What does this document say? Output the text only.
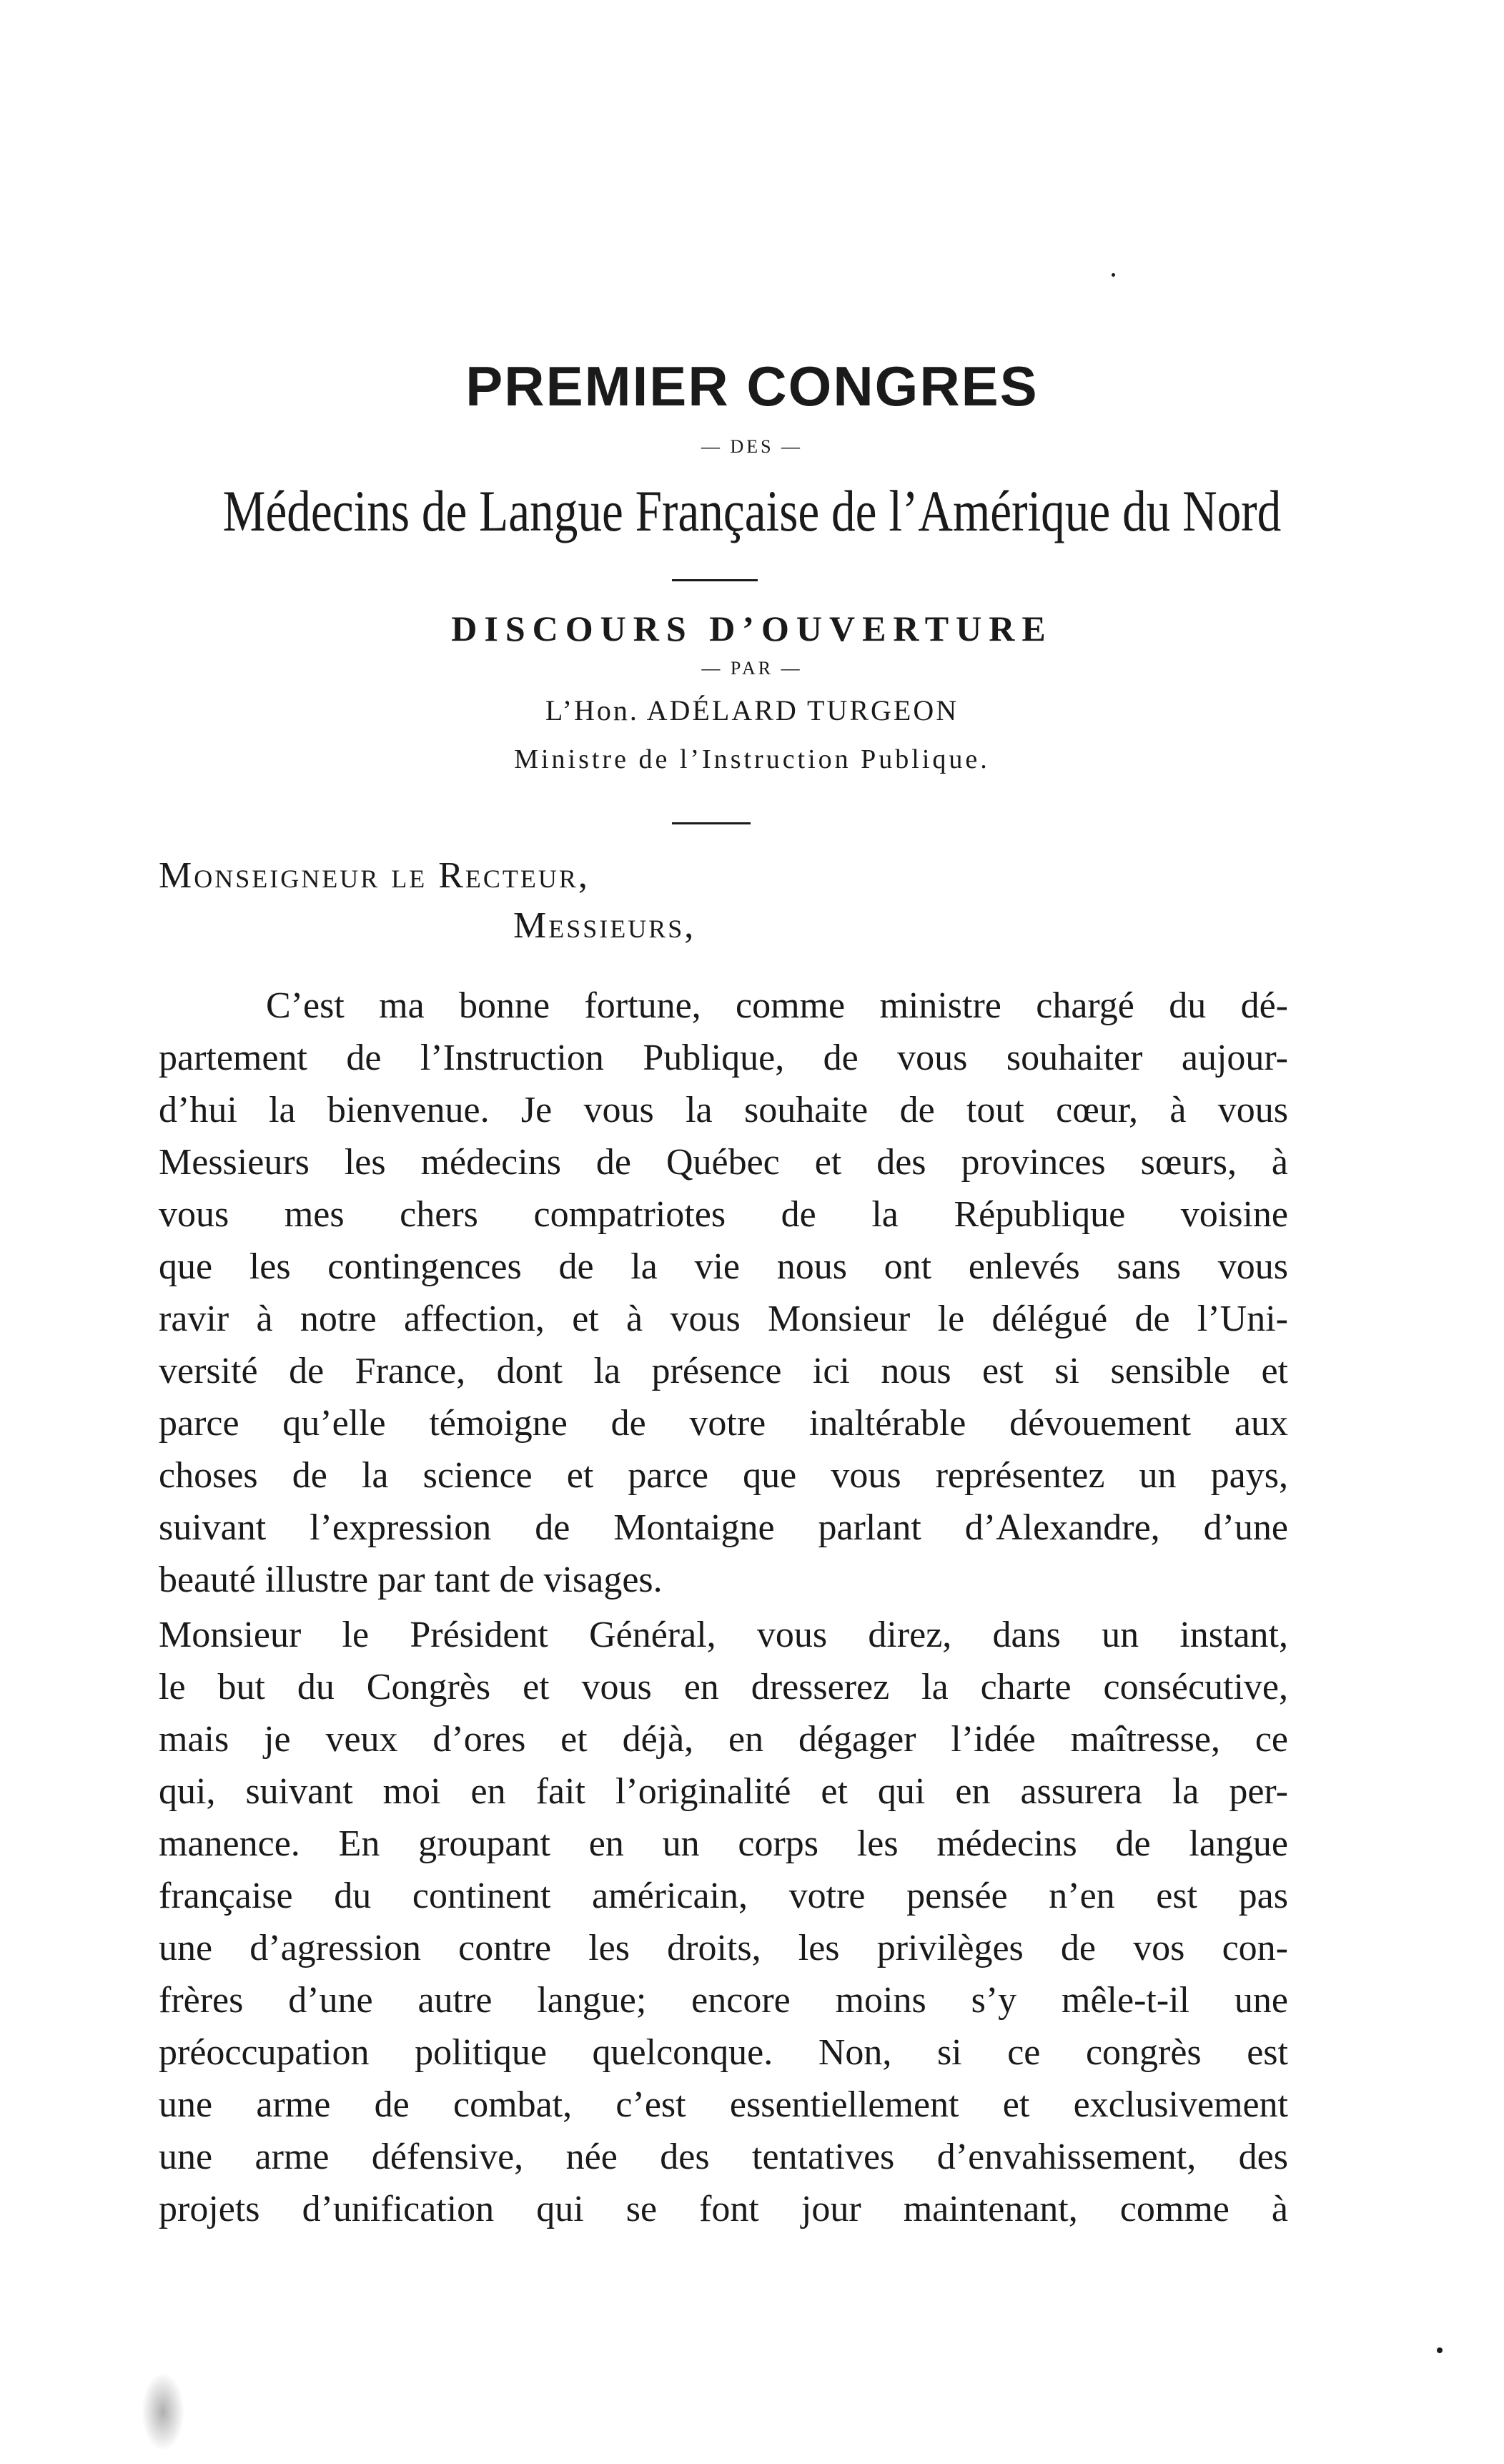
PREMIER CONGRES
— DES —
Médecins de Langue Française de l’Amérique du Nord
DISCOURS D’OUVERTURE
— PAR —
L’Hon. ADÉLARD TURGEON
Ministre de l’Instruction Publique.
Monseigneur le Recteur,
Messieurs,
C’est ma bonne fortune, comme ministre chargé du dé-
partement de l’Instruction Publique, de vous souhaiter aujour-
d’hui la bienvenue. Je vous la souhaite de tout cœur, à vous
Messieurs les médecins de Québec et des provinces sœurs, à
vous mes chers compatriotes de la République voisine
que les contingences de la vie nous ont enlevés sans vous
ravir à notre affection, et à vous Monsieur le délégué de l’Uni-
versité de France, dont la présence ici nous est si sensible et
parce qu’elle témoigne de votre inaltérable dévouement aux
choses de la science et parce que vous représentez un pays,
suivant l’expression de Montaigne parlant d’Alexandre, d’une
beauté illustre par tant de visages.
Monsieur le Président Général, vous direz, dans un instant,
le but du Congrès et vous en dresserez la charte consécutive,
mais je veux d’ores et déjà, en dégager l’idée maîtresse, ce
qui, suivant moi en fait l’originalité et qui en assurera la per-
manence. En groupant en un corps les médecins de langue
française du continent américain, votre pensée n’en est pas
une d’agression contre les droits, les privilèges de vos con-
frères d’une autre langue; encore moins s’y mêle-t-il une
préoccupation politique quelconque. Non, si ce congrès est
une arme de combat, c’est essentiellement et exclusivement
une arme défensive, née des tentatives d’envahissement, des
projets d’unification qui se font jour maintenant, comme à
